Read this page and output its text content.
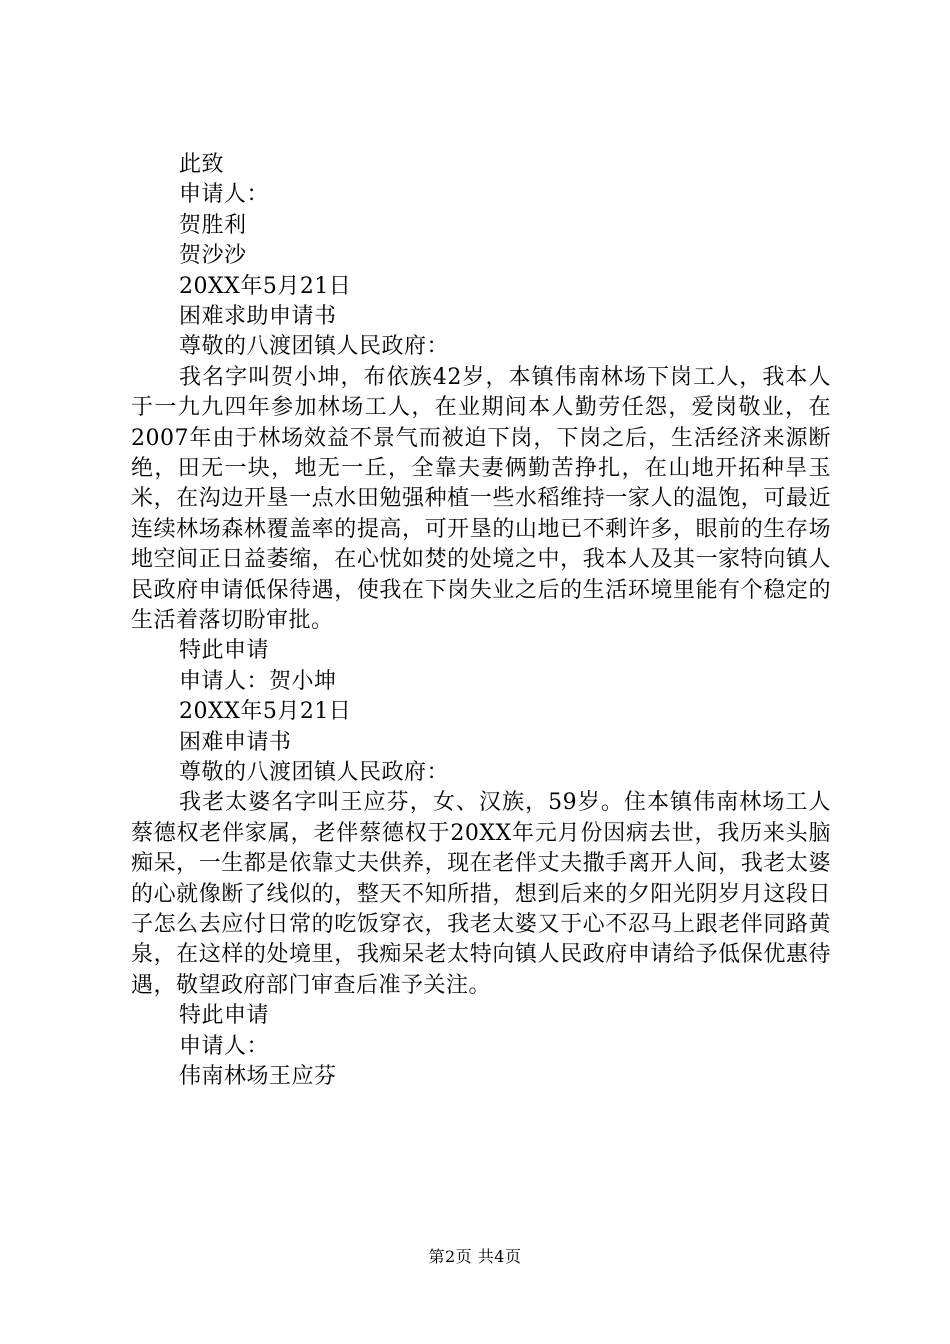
此致

申请人：

贺胜利

贺沙沙

20XX年5月21日

困难求助申请书

尊敬的八渡团镇人民政府：

我名字叫贺小坤，布依族42岁，本镇伟南林场下岗工人，我本人于一九九四年参加林场工人，在业期间本人勤劳任怨，爱岗敬业，在2007年由于林场效益不景气而被迫下岗，下岗之后，生活经济来源断绝，田无一块，地无一丘，全靠夫妻俩勤苦挣扎，在山地开拓种旱玉米，在沟边开垦一点水田勉强种植一些水稻维持一家人的温饱，可最近连续林场森林覆盖率的提高，可开垦的山地已不剩许多，眼前的生存场地空间正日益萎缩，在心忧如焚的处境之中，我本人及其一家特向镇人民政府申请低保待遇，使我在下岗失业之后的生活环境里能有个稳定的生活着落切盼审批。

特此申请

申请人：贺小坤

20XX年5月21日

困难申请书

尊敬的八渡团镇人民政府：

我老太婆名字叫王应芬，女、汉族，59岁。住本镇伟南林场工人蔡德权老伴家属，老伴蔡德权于20XX年元月份因病去世，我历来头脑痴呆，一生都是依靠丈夫供养，现在老伴丈夫撒手离开人间，我老太婆的心就像断了线似的，整天不知所措，想到后来的夕阳光阴岁月这段日子怎么去应付日常的吃饭穿衣，我老太婆又于心不忍马上跟老伴同路黄泉，在这样的处境里，我痴呆老太特向镇人民政府申请给予低保优惠待遇，敬望政府部门审查后准予关注。

特此申请

申请人：

伟南林场王应芬

第2页 共4页
